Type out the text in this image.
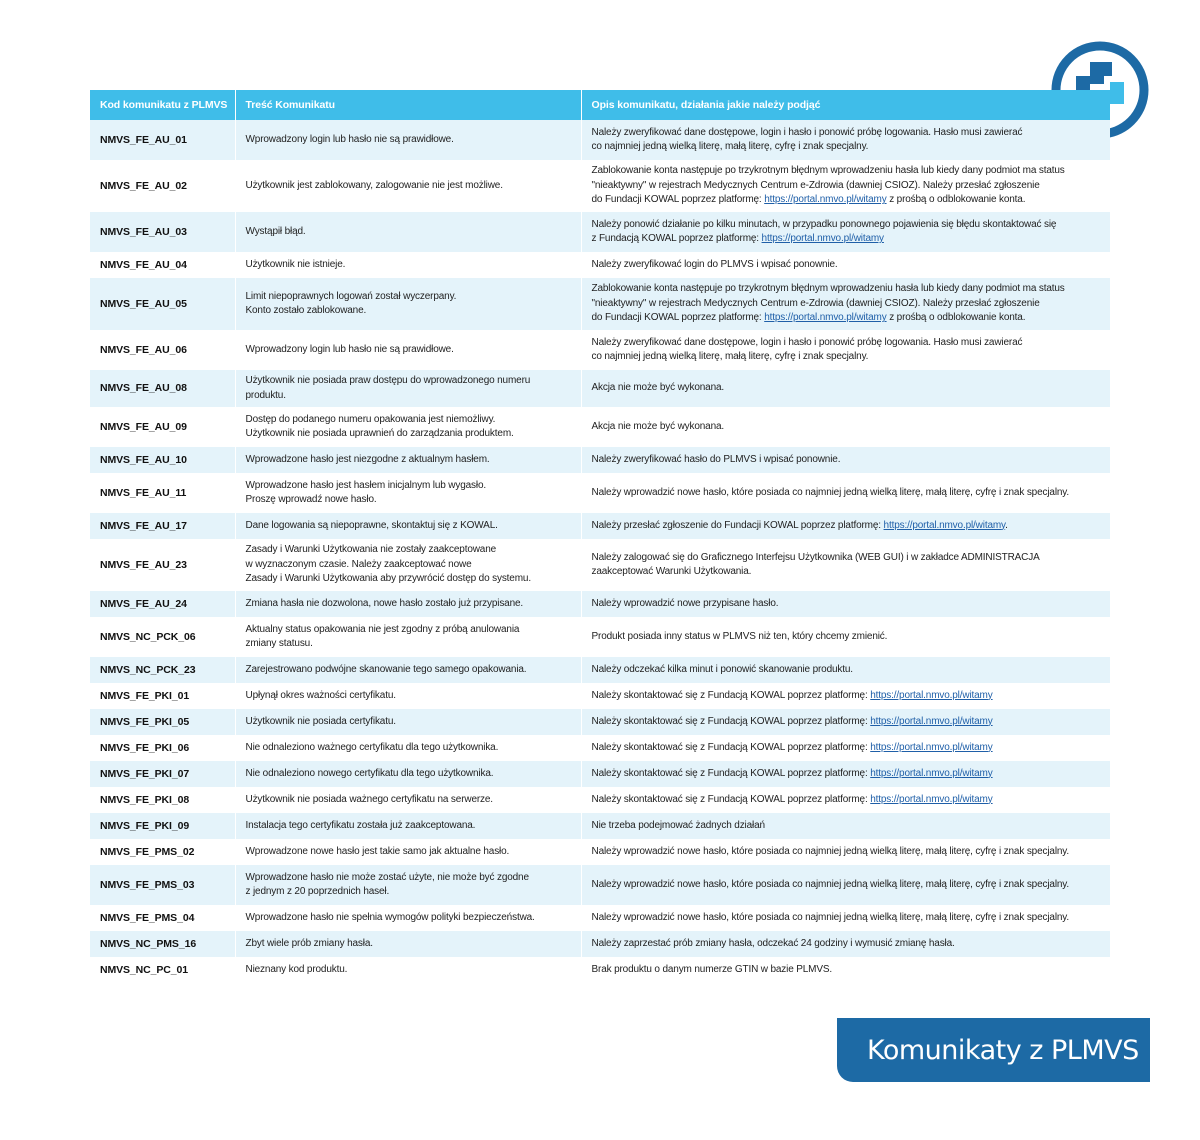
Kod komunikatu z PLMVS	Treść Komunikatu	Opis komunikatu, działania jakie należy podjąć
NMVS_FE_AU_01	Wprowadzony login lub hasło nie są prawidłowe.	Należy zweryfikować dane dostępowe, login i hasło i ponowić próbę logowania. Hasło musi zawierać
co najmniej jedną wielką literę, małą literę, cyfrę i znak specjalny.
NMVS_FE_AU_02	Użytkownik jest zablokowany, zalogowanie nie jest możliwe.	Zablokowanie konta następuje po trzykrotnym błędnym wprowadzeniu hasła lub kiedy dany podmiot ma status
"nieaktywny" w rejestrach Medycznych Centrum e-Zdrowia (dawniej CSIOZ). Należy przesłać zgłoszenie
do Fundacji KOWAL poprzez platformę: https://portal.nmvo.pl/witamy z prośbą o odblokowanie konta.
NMVS_FE_AU_03	Wystąpił błąd.	Należy ponowić działanie po kilku minutach, w przypadku ponownego pojawienia się błędu skontaktować się
z Fundacją KOWAL poprzez platformę: https://portal.nmvo.pl/witamy
NMVS_FE_AU_04	Użytkownik nie istnieje.	Należy zweryfikować login do PLMVS i wpisać ponownie.
NMVS_FE_AU_05	Limit niepoprawnych logowań został wyczerpany.
Konto zostało zablokowane.	Zablokowanie konta następuje po trzykrotnym błędnym wprowadzeniu hasła lub kiedy dany podmiot ma status
"nieaktywny" w rejestrach Medycznych Centrum e-Zdrowia (dawniej CSIOZ). Należy przesłać zgłoszenie
do Fundacji KOWAL poprzez platformę: https://portal.nmvo.pl/witamy z prośbą o odblokowanie konta.
NMVS_FE_AU_06	Wprowadzony login lub hasło nie są prawidłowe.	Należy zweryfikować dane dostępowe, login i hasło i ponowić próbę logowania. Hasło musi zawierać
co najmniej jedną wielką literę, małą literę, cyfrę i znak specjalny.
NMVS_FE_AU_08	Użytkownik nie posiada praw dostępu do wprowadzonego numeru produktu.	Akcja nie może być wykonana.
NMVS_FE_AU_09	Dostęp do podanego numeru opakowania jest niemożliwy.
Użytkownik nie posiada uprawnień do zarządzania produktem.	Akcja nie może być wykonana.
NMVS_FE_AU_10	Wprowadzone hasło jest niezgodne z aktualnym hasłem.	Należy zweryfikować hasło do PLMVS i wpisać ponownie.
NMVS_FE_AU_11	Wprowadzone hasło jest hasłem inicjalnym lub wygasło.
Proszę wprowadź nowe hasło.	Należy wprowadzić nowe hasło, które posiada co najmniej jedną wielką literę, małą literę, cyfrę i znak specjalny.
NMVS_FE_AU_17	Dane logowania są niepoprawne, skontaktuj się z KOWAL.	Należy przesłać zgłoszenie do Fundacji KOWAL poprzez platformę: https://portal.nmvo.pl/witamy.
NMVS_FE_AU_23	Zasady i Warunki Użytkowania nie zostały zaakceptowane
w wyznaczonym czasie. Należy zaakceptować nowe
Zasady i Warunki Użytkowania aby przywrócić dostęp do systemu.	Należy zalogować się do Graficznego Interfejsu Użytkownika (WEB GUI) i w zakładce ADMINISTRACJA
zaakceptować Warunki Użytkowania.
NMVS_FE_AU_24	Zmiana hasła nie dozwolona, nowe hasło zostało już przypisane.	Należy wprowadzić nowe przypisane hasło.
NMVS_NC_PCK_06	Aktualny status opakowania nie jest zgodny z próbą anulowania
zmiany statusu.	Produkt posiada inny status w PLMVS niż ten, który chcemy zmienić.
NMVS_NC_PCK_23	Zarejestrowano podwójne skanowanie tego samego opakowania.	Należy odczekać kilka minut i ponowić skanowanie produktu.
NMVS_FE_PKI_01	Upłynął okres ważności certyfikatu.	Należy skontaktować się z Fundacją KOWAL poprzez platformę: https://portal.nmvo.pl/witamy
NMVS_FE_PKI_05	Użytkownik nie posiada certyfikatu.	Należy skontaktować się z Fundacją KOWAL poprzez platformę: https://portal.nmvo.pl/witamy
NMVS_FE_PKI_06	Nie odnaleziono ważnego certyfikatu dla tego użytkownika.	Należy skontaktować się z Fundacją KOWAL poprzez platformę: https://portal.nmvo.pl/witamy
NMVS_FE_PKI_07	Nie odnaleziono nowego certyfikatu dla tego użytkownika.	Należy skontaktować się z Fundacją KOWAL poprzez platformę: https://portal.nmvo.pl/witamy
NMVS_FE_PKI_08	Użytkownik nie posiada ważnego certyfikatu na serwerze.	Należy skontaktować się z Fundacją KOWAL poprzez platformę: https://portal.nmvo.pl/witamy
NMVS_FE_PKI_09	Instalacja tego certyfikatu została już zaakceptowana.	Nie trzeba podejmować żadnych działań
NMVS_FE_PMS_02	Wprowadzone nowe hasło jest takie samo jak aktualne hasło.	Należy wprowadzić nowe hasło, które posiada co najmniej jedną wielką literę, małą literę, cyfrę i znak specjalny.
NMVS_FE_PMS_03	Wprowadzone hasło nie może zostać użyte, nie może być zgodne
z jednym z 20 poprzednich haseł.	Należy wprowadzić nowe hasło, które posiada co najmniej jedną wielką literę, małą literę, cyfrę i znak specjalny.
NMVS_FE_PMS_04	Wprowadzone hasło nie spełnia wymogów polityki bezpieczeństwa.	Należy wprowadzić nowe hasło, które posiada co najmniej jedną wielką literę, małą literę, cyfrę i znak specjalny.
NMVS_NC_PMS_16	Zbyt wiele prób zmiany hasła.	Należy zaprzestać prób zmiany hasła, odczekać 24 godziny i wymusić zmianę hasła.
NMVS_NC_PC_01	Nieznany kod produktu.	Brak produktu o danym numerze GTIN w bazie PLMVS.
Komunikaty z PLMVS
